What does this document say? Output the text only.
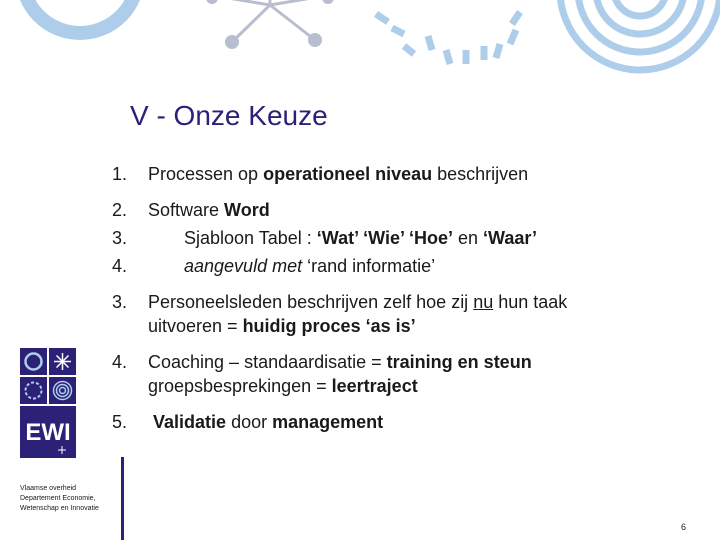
V - Onze Keuze
1. Processen op operationeel niveau beschrijven
2. Software Word
3.	Sjabloon Tabel : ‘Wat’ ‘Wie’ ‘Hoe’ en ‘Waar’
4.	aangevuld met ‘rand informatie’
3. Personeelsleden beschrijven zelf hoe zij nu hun taak
uitvoeren = huidig proces ‘as is’
4. Coaching – standaardisatie = training en steun
groepsbesprekingen = leertraject
5. Validatie door management
EWI
Vlaamse overheid
Departement Economie,
Wetenschap en Innovatie
6
